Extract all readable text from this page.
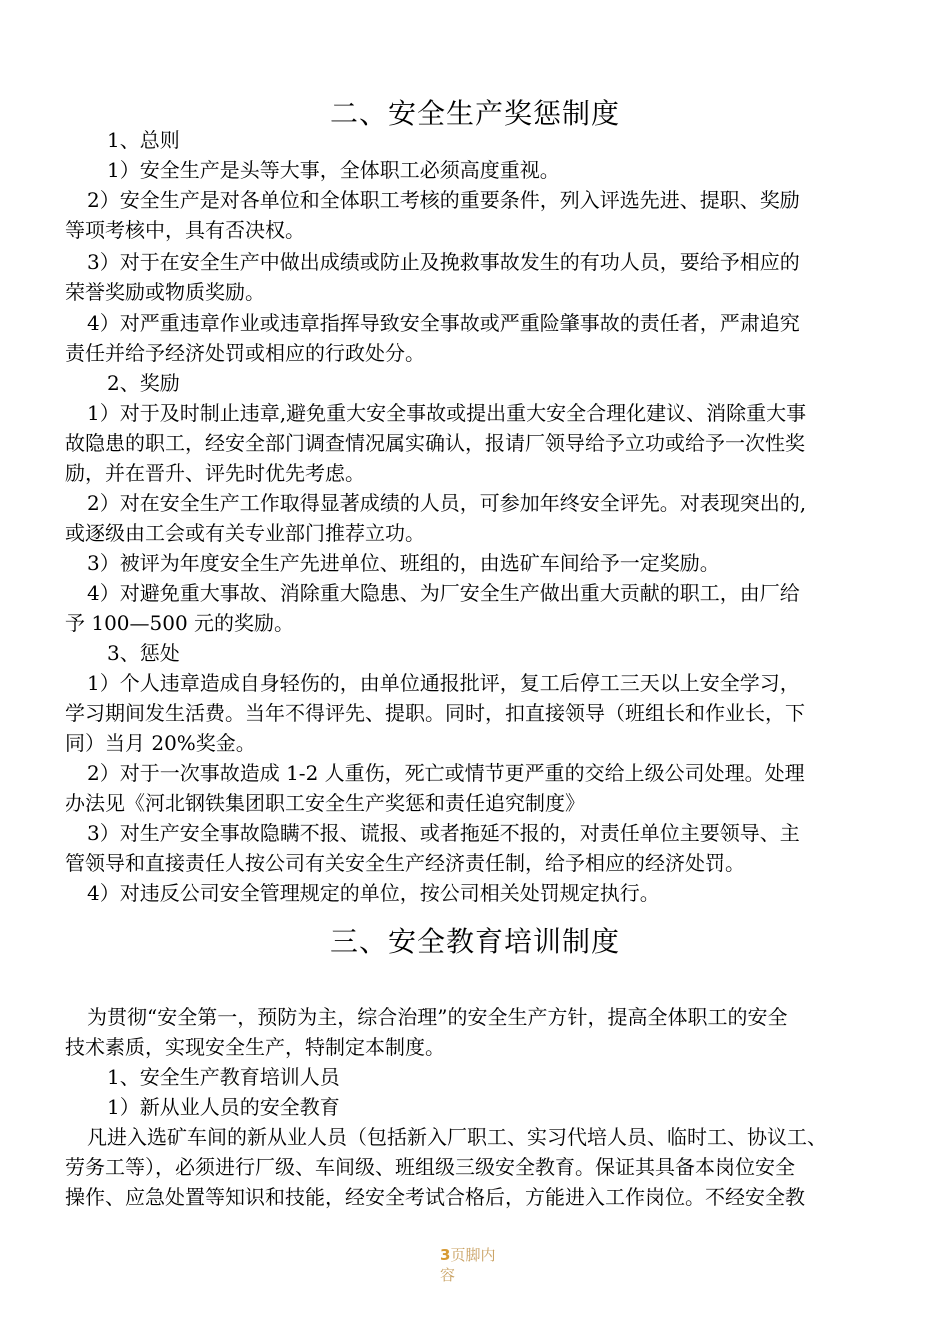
二、安全生产奖惩制度
1、总则
1）安全生产是头等大事，全体职工必须高度重视。
2）安全生产是对各单位和全体职工考核的重要条件，列入评选先进、提职、奖励
等项考核中，具有否决权。
3）对于在安全生产中做出成绩或防止及挽救事故发生的有功人员，要给予相应的
荣誉奖励或物质奖励。
4）对严重违章作业或违章指挥导致安全事故或严重险肇事故的责任者，严肃追究
责任并给予经济处罚或相应的行政处分。
2、奖励
1）对于及时制止违章,避免重大安全事故或提出重大安全合理化建议、消除重大事
故隐患的职工，经安全部门调查情况属实确认，报请厂领导给予立功或给予一次性奖
励，并在晋升、评先时优先考虑。
2）对在安全生产工作取得显著成绩的人员，可参加年终安全评先。对表现突出的,
或逐级由工会或有关专业部门推荐立功。
3）被评为年度安全生产先进单位、班组的，由选矿车间给予一定奖励。
4）对避免重大事故、消除重大隐患、为厂安全生产做出重大贡献的职工，由厂给
予 100—500 元的奖励。
3、惩处
1）个人违章造成自身轻伤的，由单位通报批评，复工后停工三天以上安全学习，
学习期间发生活费。当年不得评先、提职。同时，扣直接领导（班组长和作业长，下
同）当月 20%奖金。
2）对于一次事故造成 1-2 人重伤，死亡或情节更严重的交给上级公司处理。处理
办法见《河北钢铁集团职工安全生产奖惩和责任追究制度》
3）对生产安全事故隐瞒不报、谎报、或者拖延不报的，对责任单位主要领导、主
管领导和直接责任人按公司有关安全生产经济责任制，给予相应的经济处罚。
4）对违反公司安全管理规定的单位，按公司相关处罚规定执行。
三、安全教育培训制度
为贯彻“安全第一，预防为主，综合治理”的安全生产方针，提高全体职工的安全
技术素质，实现安全生产，特制定本制度。
1、安全生产教育培训人员
1）新从业人员的安全教育
凡进入选矿车间的新从业人员（包括新入厂职工、实习代培人员、临时工、协议工、
劳务工等），必须进行厂级、车间级、班组级三级安全教育。保证其具备本岗位安全
操作、应急处置等知识和技能，经安全考试合格后，方能进入工作岗位。不经安全教
3页脚内容
